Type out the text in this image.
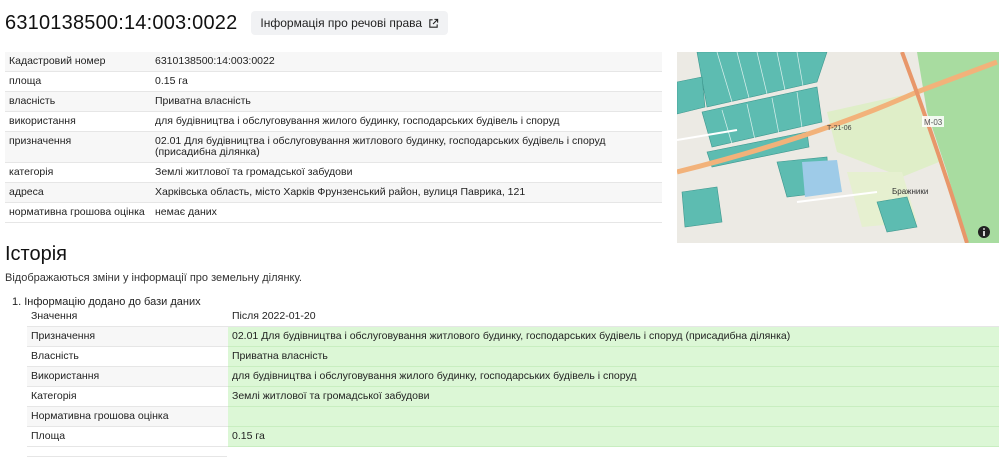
6310138500:14:003:0022 Інформація про речові права
Кадастровий номер	6310138500:14:003:0022
площа	0.15 га
власність	Приватна власність
використання	для будівництва і обслуговування жилого будинку, господарських будівель і споруд
призначення	02.01 Для будівництва і обслуговування житлового будинку, господарських будівель і споруд (присадибна ділянка)
категорія	Землі житлової та громадської забудови
адреса	Харківська область, місто Харків Фрунзенський район, вулиця Паврика, 121
нормативна грошова оцінка	немає даних
М-03
Т-21-06
Бражники
Історія
Відображаються зміни у інформації про земельну ділянку.
1. Інформацію додано до бази даних
Значення	Після 2022-01-20
Призначення	02.01 Для будівництва і обслуговування житлового будинку, господарських будівель і споруд (присадибна ділянка)
Власність	Приватна власність
Використання	для будівництва і обслуговування жилого будинку, господарських будівель і споруд
Категорія	Землі житлової та громадської забудови
Нормативна грошова оцінка	
Площа	0.15 га
